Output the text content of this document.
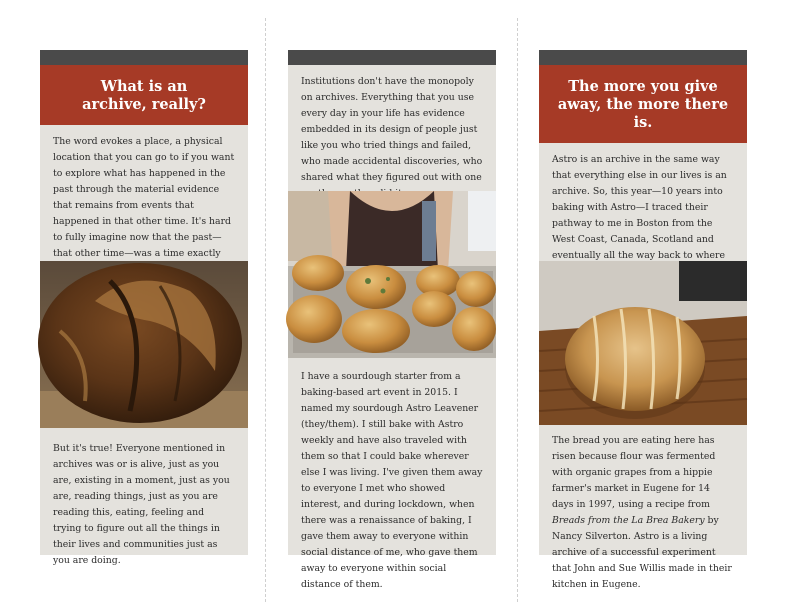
What is an archive, really?
The word evokes a place, a physical location that you can go to if you want to explore what has happened in the past through the material evidence that remains from events that happened in that other time. It's hard to fully imagine now that the past—that other time—was a time exactly
But it's true! Everyone mentioned in archives was or is alive, just as you are, existing in a moment, just as you are, reading things, just as you are reading this, eating, feeling and trying to figure out all the things in their lives and communities just as you are doing.
Institutions don't have the monopoly on archives. Everything that you use every day in your life has evidence embedded in its design of people just like you who tried things and failed, who made accidental discoveries, who shared what they figured out with one
I have a sourdough starter from a baking-based art event in 2015. I named my sourdough Astro Leavener (they/them). I still bake with Astro weekly and have also traveled with them so that I could bake wherever else I was living. I've given them away to everyone I met who showed interest, and during lockdown, when there was a renaissance of baking, I gave them away to everyone within social distance of me, who gave them away to everyone within social distance of them.
The more you give away, the more there is.
Astro is an archive in the same way that everything else in our lives is an archive. So, this year—10 years into baking with Astro—I traced their pathway to me in Boston from the West Coast, Canada, Scotland and eventually all the way back to where
The bread you are eating here has risen because flour was fermented with organic grapes from a hippie farmer's market in Eugene for 14 days in 1997, using a recipe from Breads from the La Brea Bakery by Nancy Silverton. Astro is a living archive of a successful experiment that John and Sue Willis made in their kitchen in Eugene.
